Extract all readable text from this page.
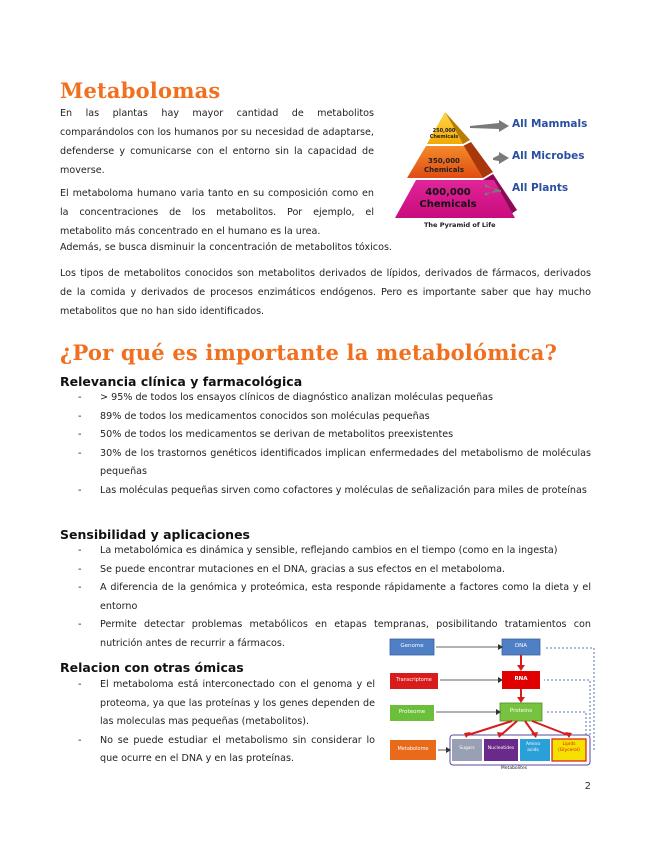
Metabolomas

En las plantas hay mayor cantidad de metabolitos comparándolos con los humanos por su necesidad de adaptarse, defenderse y comunicarse con el entorno sin la capacidad de moverse.

El metaboloma humano varia tanto en su composición como en la concentraciones de los metabolitos. Por ejemplo, el metabolito más concentrado en el humano es la urea.

Además, se busca disminuir la concentración de metabolitos tóxicos.

250,000
Chemicals
350,000
Chemicals
400,000
Chemicals
All Mammals
All Microbes
All Plants
The Pyramid of Life

Los tipos de metabolitos conocidos son metabolitos derivados de lípidos, derivados de fármacos, derivados de la comida y derivados de procesos enzimáticos endógenos. Pero es importante saber que hay mucho metabolitos que no han sido identificados.

¿Por qué es importante la metabolómica?
Relevancia clínica y farmacológica
- > 95% de todos los ensayos clínicos de diagnóstico analizan moléculas pequeñas
- 89% de todos los medicamentos conocidos son moléculas pequeñas
- 50% de todos los medicamentos se derivan de metabolitos preexistentes
- 30% de los trastornos genéticos identificados implican enfermedades del metabolismo de moléculas pequeñas
- Las moléculas pequeñas sirven como cofactores y moléculas de señalización para miles de proteínas
Sensibilidad y aplicaciones
- La metabolómica es dinámica y sensible, reflejando cambios en el tiempo (como en la ingesta)
- Se puede encontrar mutaciones en el DNA, gracias a sus efectos en el metaboloma.
- A diferencia de la genómica y proteómica, esta responde rápidamente a factores como la dieta y el entorno
- Permite detectar problemas metabólicos en etapas tempranas, posibilitando tratamientos con nutrición antes de recurrir a fármacos.
Relacion con otras ómicas
- El metaboloma está interconectado con el genoma y el proteoma, ya que las proteínas y los genes dependen de las moleculas mas pequeñas (metabolitos).
- No se puede estudiar el metabolismo sin considerar lo que ocurre en el DNA y en las proteínas.
Genome	DNA
Transcriptome	RNA
Proteome	Proteins
Metabolome	Sugars	Nucleotides
Amino acids
Lipids (Glycerol)
Metabolites
2
